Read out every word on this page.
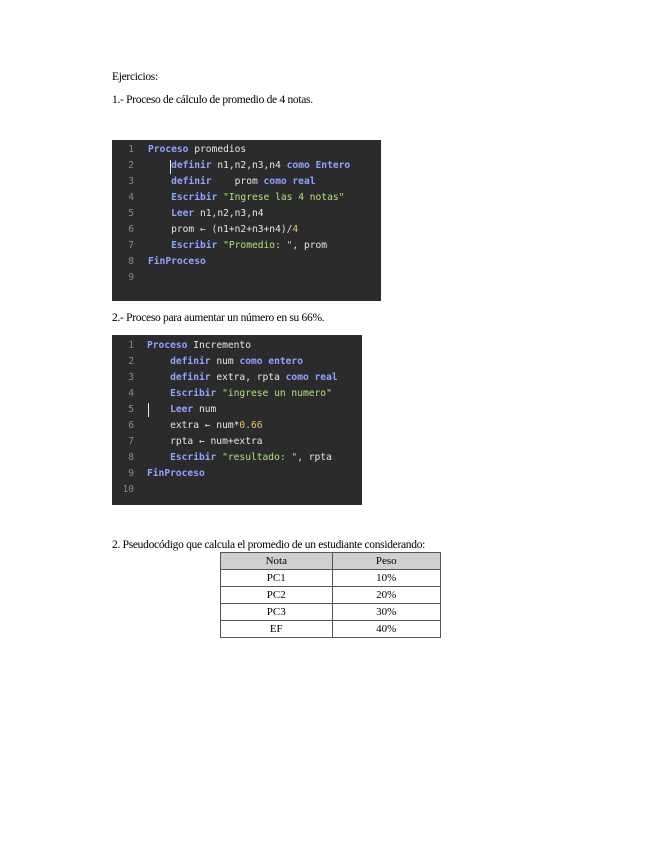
Ejercicios:
1.- Proceso de cálculo de promedio de 4 notas.
1 Proceso promedios
2	definir n1,n2,n3,n4 como Entero
3	definir    prom como real
4	Escribir "Ingrese las 4 notas"
5	Leer n1,n2,n3,n4
6 prom ← (n1+n2+n3+n4)/4
7	Escribir "Promedio: ", prom
8 FinProceso
9
2.- Proceso para aumentar un número en su 66%.
1 Proceso Incremento
2	definir num como entero
3	definir extra, rpta como real
4	Escribir "ingrese un numero"
5	Leer num
6 extra ← num*0.66
7 rpta ← num+extra
8	Escribir "resultado: ", rpta
9 FinProceso
10
2. Pseudocódigo que calcula el promedio de un estudiante considerando:
Nota	Peso
PC1	10%
PC2	20%
PC3	30%
EF	40%
